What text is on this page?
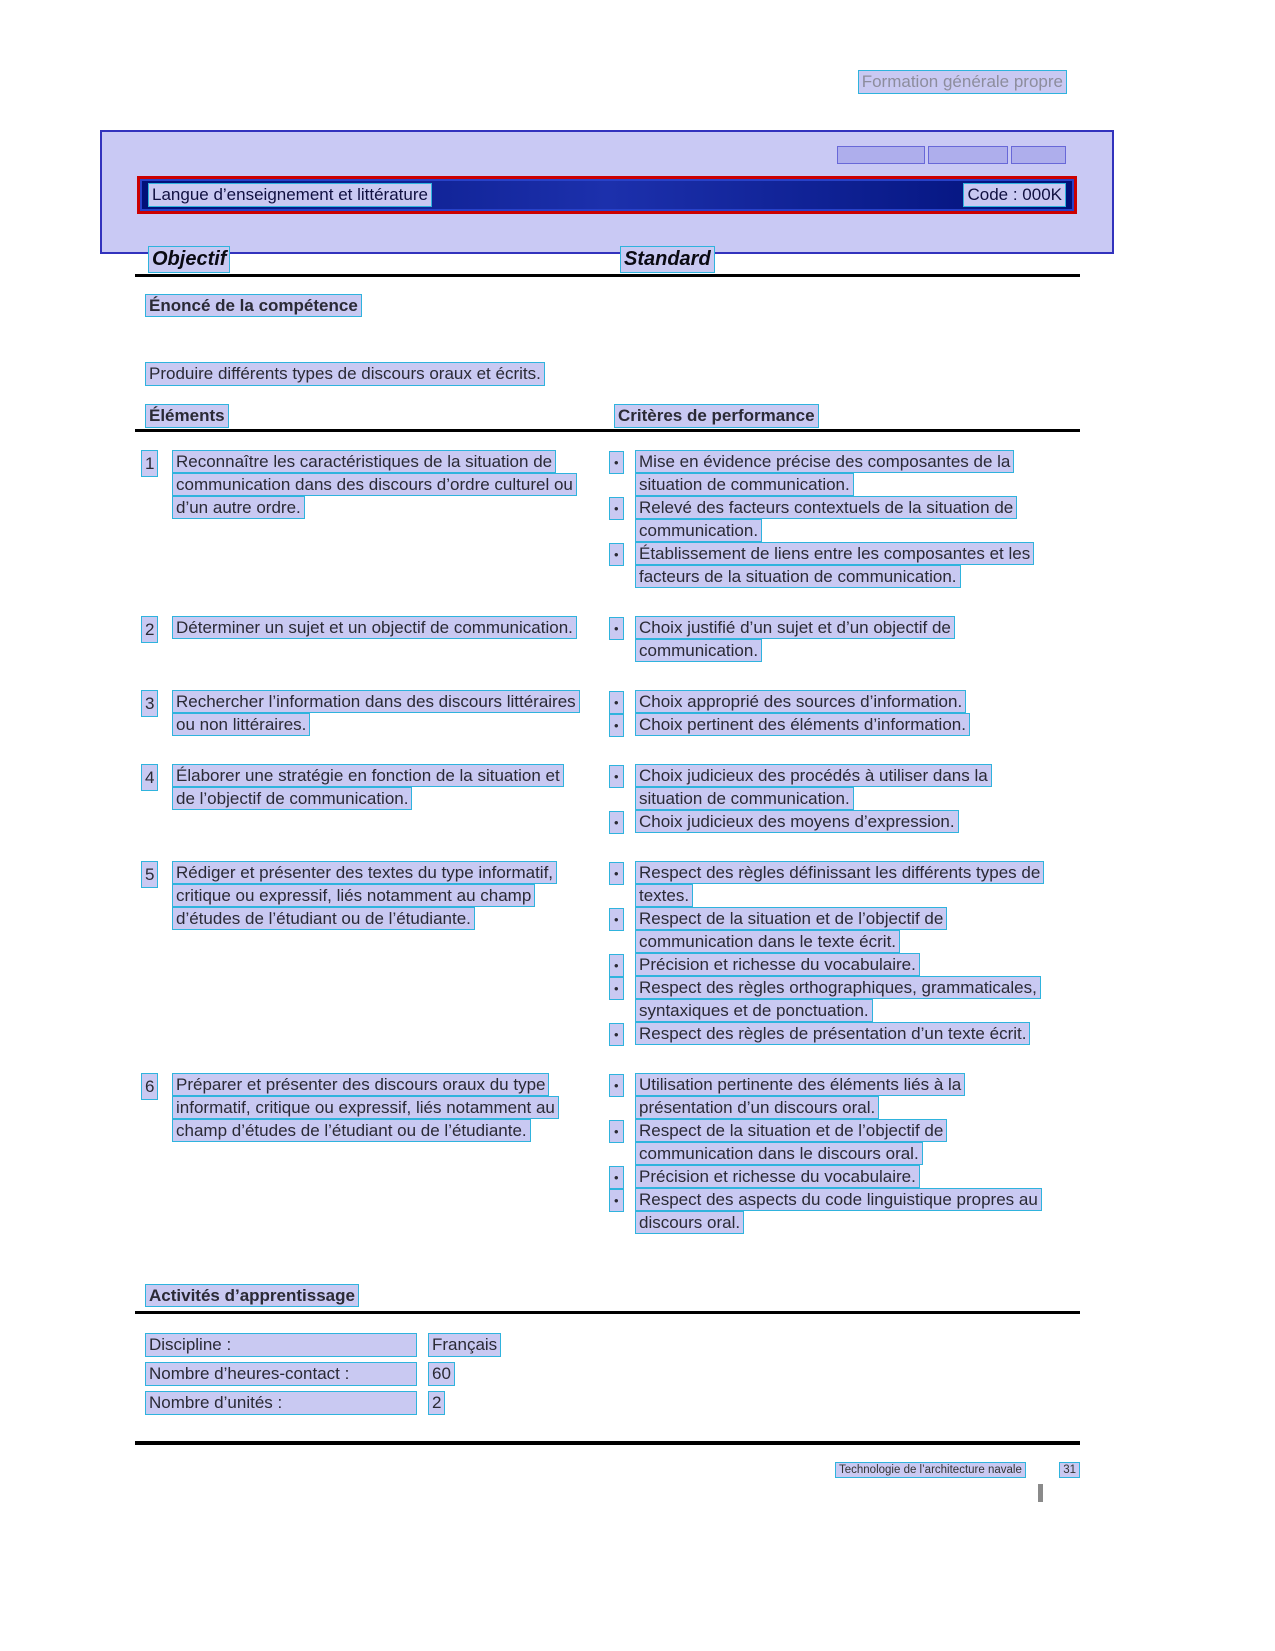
Formation générale propre
Langue d’enseignement et littérature	Code : 000K
Objectif	Standard
Énoncé de la compétence
Produire différents types de discours oraux et écrits.
Éléments	Critères de performance
1 Reconnaître les caractéristiques de la situation de communication dans des discours d’ordre culturel ou d’un autre ordre.
• Mise en évidence précise des composantes de la situation de communication.
• Relevé des facteurs contextuels de la situation de communication.
• Établissement de liens entre les composantes et les facteurs de la situation de communication.
2 Déterminer un sujet et un objectif de communication.	• Choix justifié d’un sujet et d’un objectif de communication.
3 Rechercher l’information dans des discours littéraires ou non littéraires.
• Choix approprié des sources d’information.
• Choix pertinent des éléments d’information.
4 Élaborer une stratégie en fonction de la situation et de l’objectif de communication.
• Choix judicieux des procédés à utiliser dans la situation de communication.
• Choix judicieux des moyens d’expression.
5 Rédiger et présenter des textes du type informatif, critique ou expressif, liés notamment au champ d’études de l’étudiant ou de l’étudiante.
• Respect des règles définissant les différents types de textes.
• Respect de la situation et de l’objectif de communication dans le texte écrit.
• Précision et richesse du vocabulaire.
• Respect des règles orthographiques, grammaticales, syntaxiques et de ponctuation.
• Respect des règles de présentation d’un texte écrit.
6 Préparer et présenter des discours oraux du type informatif, critique ou expressif, liés notamment au champ d’études de l’étudiant ou de l’étudiante.
• Utilisation pertinente des éléments liés à la présentation d’un discours oral.
• Respect de la situation et de l’objectif de communication dans le discours oral.
• Précision et richesse du vocabulaire.
• Respect des aspects du code linguistique propres au discours oral.
Activités d’apprentissage
Discipline :	Français
Nombre d’heures-contact :	60
Nombre d’unités :	2
Technologie de l’architecture navale	31
